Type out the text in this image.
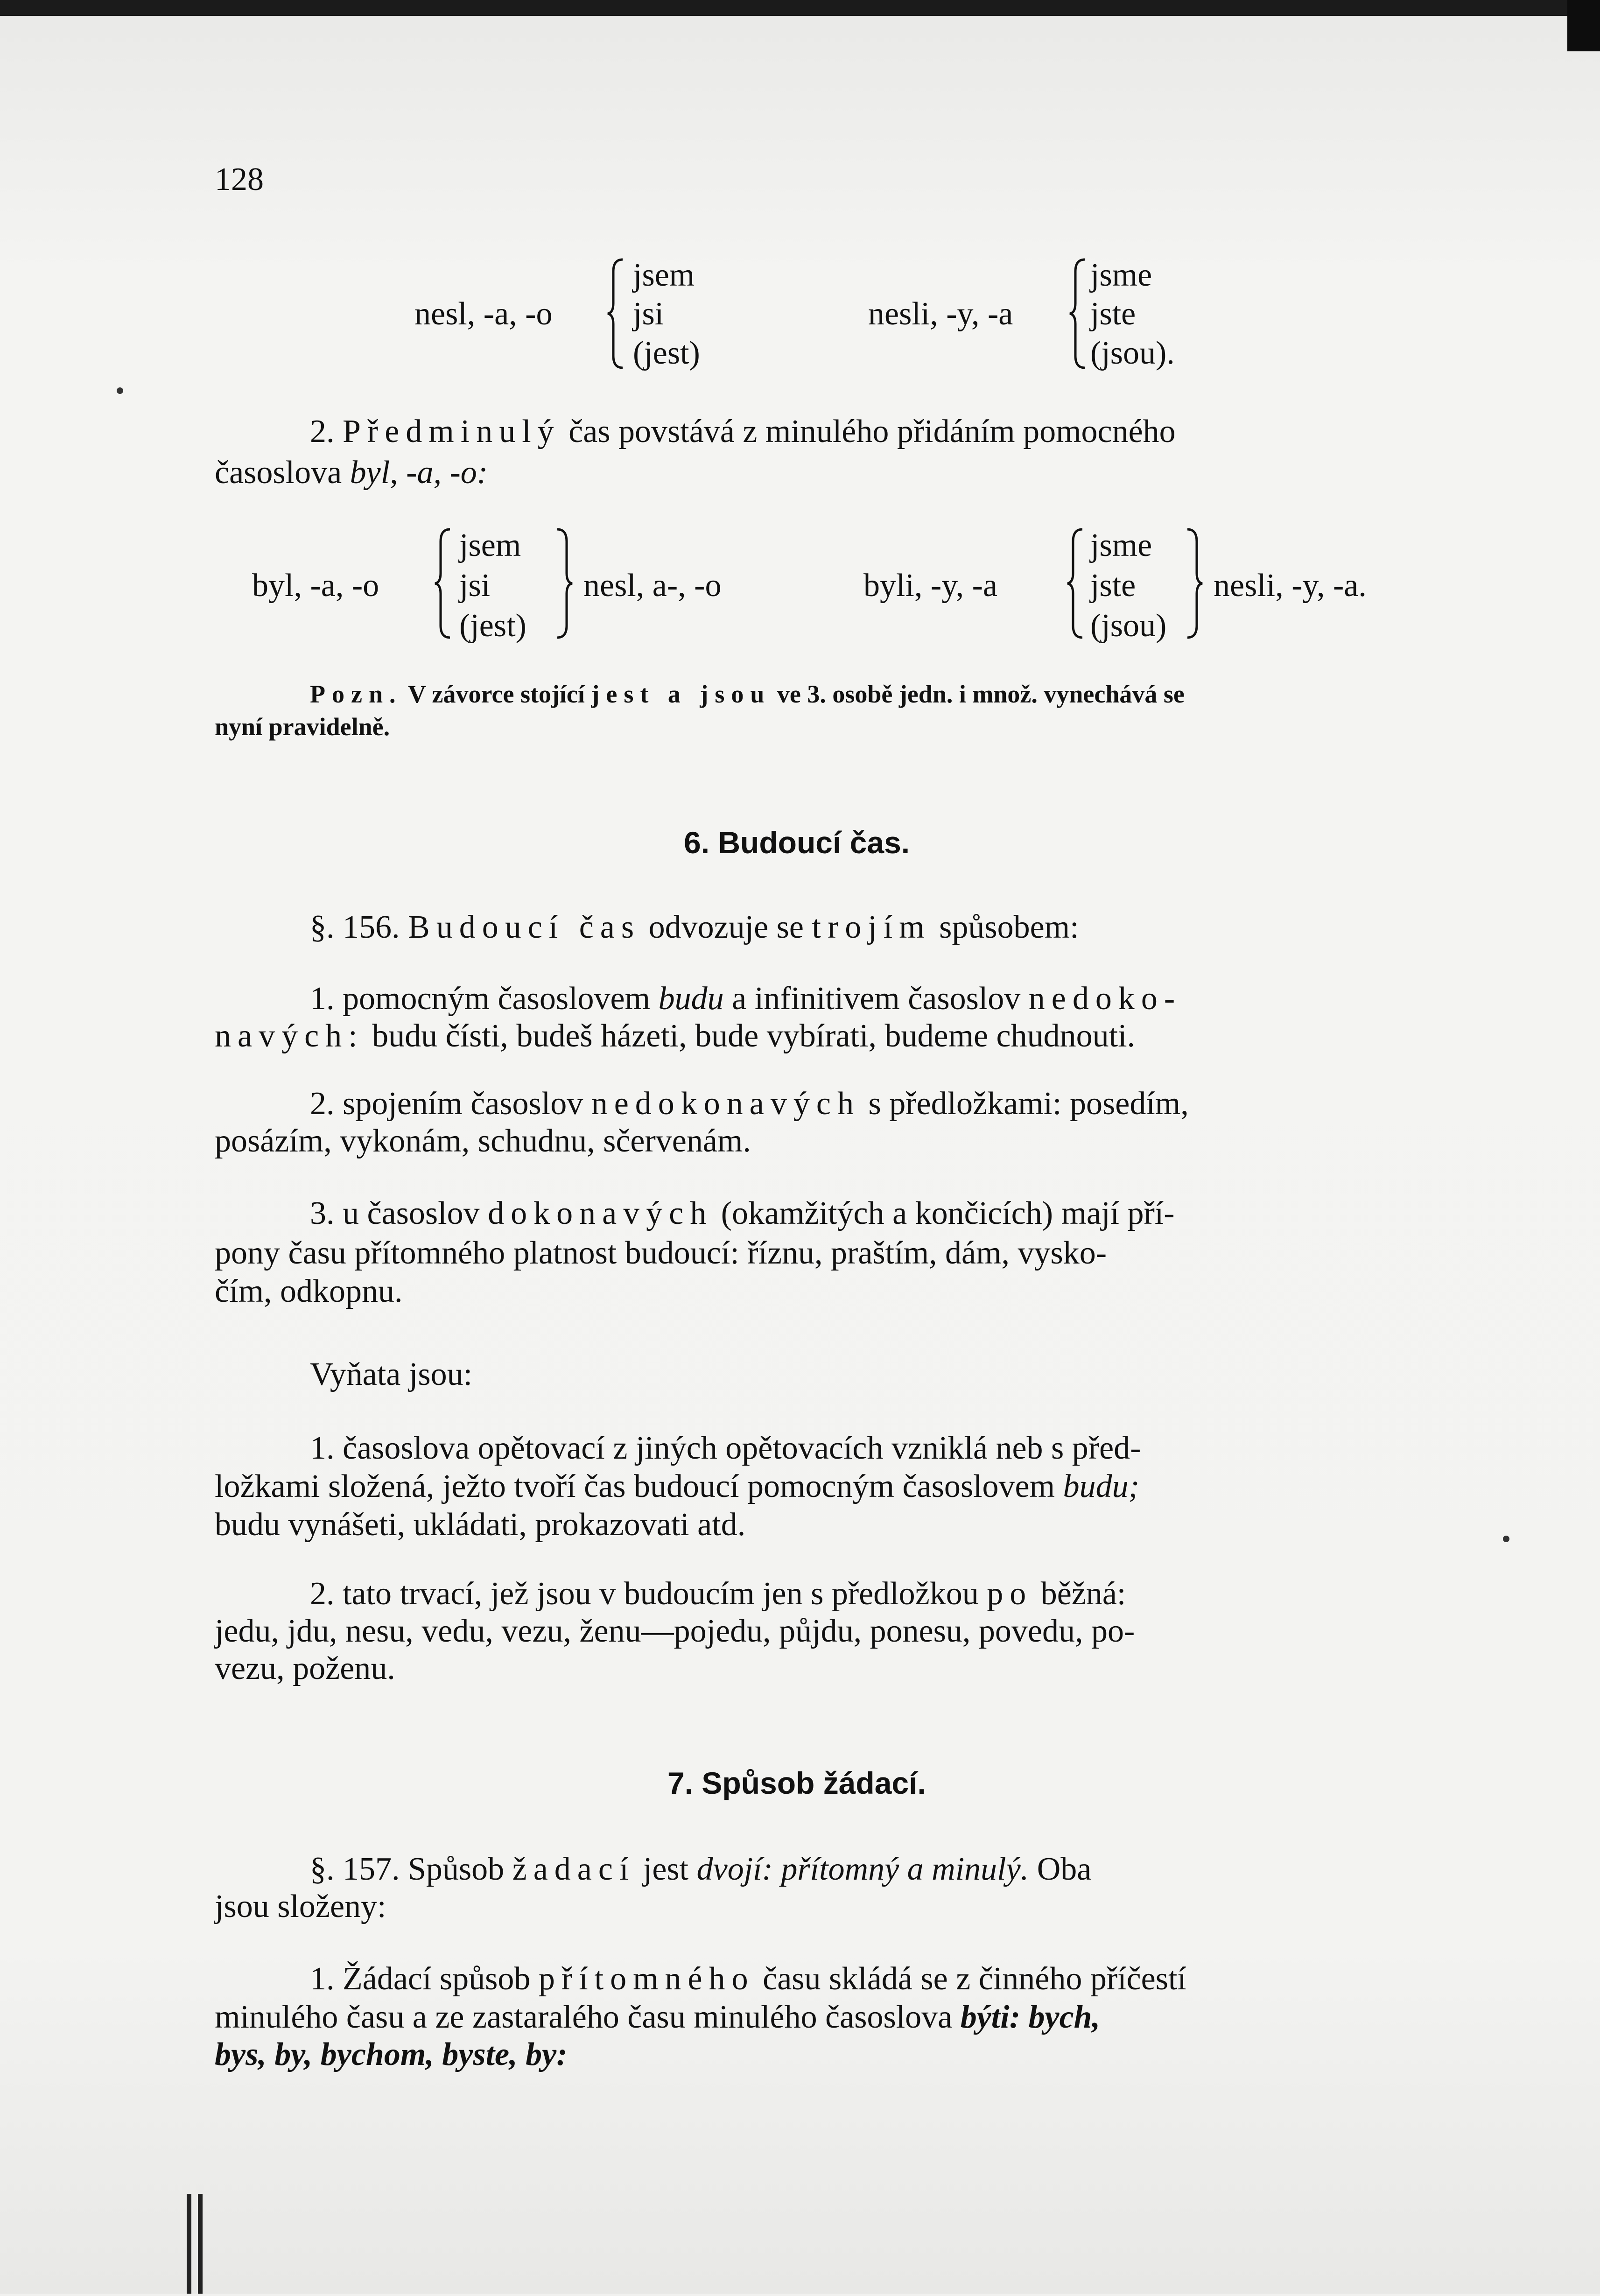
128
nesl, -a, -o
jsem
jsi
(jest)
nesli, -y, -a
jsme
jste
(jsou).
2. Předminulý čas povstává z minulého přidáním pomocného
časoslova byl, -a, -o:
byl, -a, -o
jsem
jsi
(jest)
nesl, a-, -o	byli, -y, -a
jsme
jste
(jsou)
nesli, -y, -a.
Pozn. V závorce stojící jest a jsou ve 3. osobě jedn. i množ. vynechává se
nyní pravidelně.
6. Budoucí čas.
§. 156. Budoucí čas odvozuje se trojím spůsobem:
1. pomocným časoslovem budu a infinitivem časoslov nedoko-
navých: budu čísti, budeš házeti, bude vybírati, budeme chudnouti.
2. spojením časoslov nedokonavých s předložkami: posedím,
posázím, vykonám, schudnu, sčervenám.
3. u časoslov dokonavých (okamžitých a končicích) mají pří-
pony času přítomného platnost budoucí: říznu, praštím, dám, vysko-
čím, odkopnu.
Vyňata jsou:
1. časoslova opětovací z jiných opětovacích vzniklá neb s před-
ložkami složená, ježto tvoří čas budoucí pomocným časoslovem budu;
budu vynášeti, ukládati, prokazovati atd.
2. tato trvací, jež jsou v budoucím jen s předložkou po běžná:
jedu, jdu, nesu, vedu, vezu, ženu—pojedu, půjdu, ponesu, povedu, po-
vezu, poženu.
7. Spůsob žádací.
§. 157. Spůsob žadací jest dvojí: přítomný a minulý. Oba
jsou složeny:
1. Žádací spůsob přítomného času skládá se z činného příčestí
minulého času a ze zastaralého času minulého časoslova býti: bych,
bys, by, bychom, byste, by:
